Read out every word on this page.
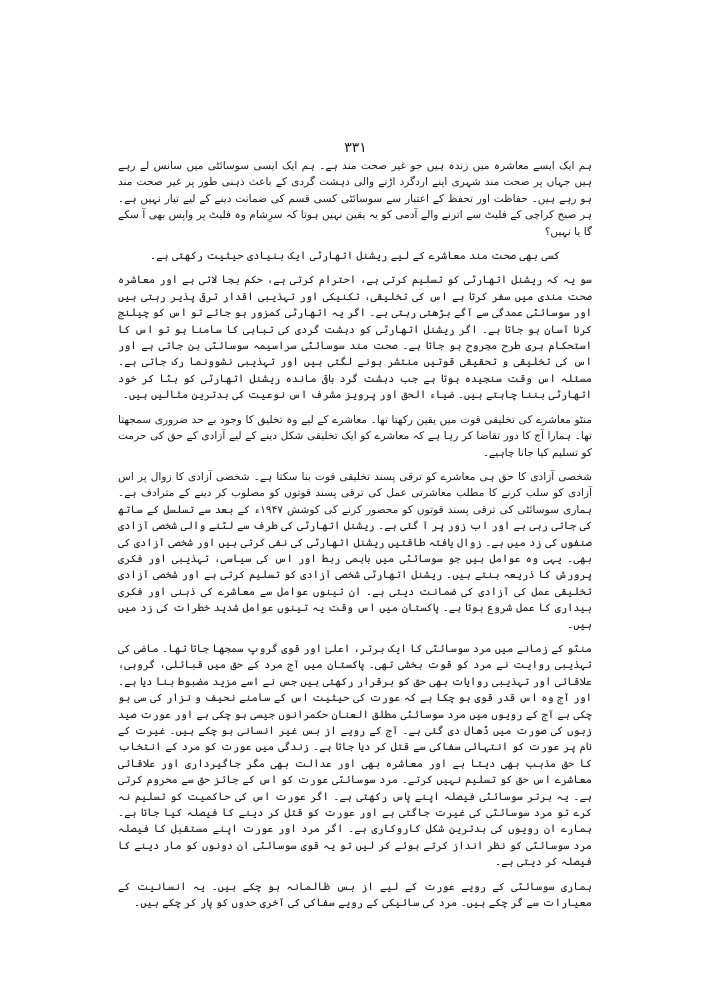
۳۳۱

ہم ایک ایسے معاشرہ میں زندہ ہیں جو غیر صحت مند ہے۔ ہم ایک ایسی سوسائٹی میں سانس لے رہے ہیں جہاں پر صحت مند شہری اپنے اردگرد اڑنے والی دہشت گردی کے باعث ذہنی طور پر غیر صحت مند ہو رہے ہیں۔ حفاظت اور تحفظ کے اعتبار سے سوسائٹی کسی قسم کی ضمانت دینے کے لیے تیار نہیں ہے۔ ہر صبح کراچی کے فلیٹ سے اترنے والے آدمی کو یہ یقین نہیں ہوتا کہ سرِشام وہ فلیٹ پر واپس بھی آ سکے گا یا نہیں؟

کسی بھی صحت مند معاشرے کے لیے ریشنل اتھارٹی ایک بنیادی حیثیت رکھتی ہے۔

سو یہ کہ ریشنل اتھارٹی کو تسلیم کرتی ہے، احترام کرتی ہے، حکم بجا لاتی ہے اور معاشرہ صحت مندی میں سفر کرتا ہے اس کی تخلیقی، تکنیکی اور تہذیبی اقدار ترقی پذیر رہتی ہیں اور سوسائٹی عمدگی سے آگے بڑھتی رہتی ہے۔ اگر یہ اتھارٹی کمزور ہو جائے تو اس کو چیلنج کرنا آسان ہو جاتا ہے۔ اگر ریشنل اتھارٹی کو دہشت گردی کی تباہی کا سامنا ہو تو اس کا استحکام بری طرح مجروح ہو جاتا ہے۔ صحت مند سوسائٹی سراسیمہ سوسائٹی بن جاتی ہے اور اس کی تخلیقی و تحقیقی قوتیں منتشر ہونے لگتی ہیں اور تہذیبی نشوونما رک جاتی ہے۔ مسئلہ اس وقت سنجیدہ ہوتا ہے جب دہشت گرد باقی ماندہ ریشنل اتھارٹی کو ہٹا کر خود اتھارٹی بننا چاہتے ہیں۔ ضیاء الحق اور پرویز مشرف اس نوعیت کی بدترین مثالیں ہیں۔

منٹو معاشرے کی تخلیقی قوت میں یقین رکھتا تھا۔ معاشرے کے لیے وہ تخلیق کا وجود بے حد ضروری سمجھتا تھا۔ ہمارا آج کا دور تقاضا کر رہا ہے کہ معاشرے کو ایک تخلیقی شکل دینے کے لیے آزادی کے حق کی حرمت کو تسلیم کیا جانا چاہیے۔

شخصی آزادی کا حق ہی معاشرے کو ترقی پسند تخلیقی قوت بنا سکتا ہے۔ شخصی آزادی کا زوال پر اس آزادی کو سلب کرنے کا مطلب معاشرتی عمل کی ترقی پسند قوتوں کو مصلوب کر دینے کے مترادف ہے۔ ہماری سوسائٹی کی ترقی پسند قوتوں کو محصور کرنے کی کوشش ۱۹۴۷ء کے بعد سے تسلسل کے ساتھ کی جاتی رہی ہے اور اب زور پر آ گئی ہے۔ ریشنل اتھارٹی کی طرف سے لٹنے والی شخصی آزادی صنفوں کی زد میں ہے۔ زوال یافتہ طاقتیں ریشنل اتھارٹی کی نفی کرتی ہیں اور شخصی آزادی کی بھی۔ یہی وہ عوامل ہیں جو سوسائٹی میں باہمی ربط اور اس کی سیاسی، تہذیبی اور فکری پرورش کا ذریعہ بنتے ہیں۔ ریشنل اتھارٹی شخصی آزادی کو تسلیم کرتی ہے اور شخصی آزادی تخلیقی عمل کی آزادی کی ضمانت دیتی ہے۔ ان تینوں عوامل سے معاشرے کی ذہنی اور فکری بیداری کا عمل شروع ہوتا ہے۔ پاکستان میں اس وقت یہ تینوں عوامل شدید خطرات کی زد میں ہیں۔

منٹو کے زمانے میں مرد سوسائٹی کا ایک برتر، اعلیٰ اور قوی گروپ سمجھا جاتا تھا۔ ماضی کی تہذیبی روایت نے مرد کو قوت بخشی تھی۔ پاکستان میں آج مرد کے حق میں قبائلی، گروہی، علاقائی اور تہذیبی روایات بھی حق کو برقرار رکھتی ہیں جس نے اسے مزید مضبوط بنا دیا ہے۔ اور آج وہ اس قدر قوی ہو چکا ہے کہ عورت کی حیثیت اس کے سامنے نحیف و نزار کی سی ہو چکی ہے آج کے رویوں میں مرد سوسائٹی مطلق العنان حکمرانوں جیسی ہو چکی ہے اور عورت صید زبوں کی صورت میں ڈھال دی گئی ہے۔ آج کے رویے از بس غیر انسانی ہو چکے ہیں۔ غیرت کے نام پر عورت کو انتہائی سفاکی سے قتل کر دیا جاتا ہے۔ زندگی میں عورت کو مرد کے انتخاب کا حق مذہب بھی دیتا ہے اور معاشرہ بھی اور عدالت بھی مگر جاگیرداری اور علاقائی معاشرے اس حق کو تسلیم نہیں کرتے۔ مرد سوسائٹی عورت کو اس کے جائز حق سے محروم کرتی ہے۔ یہ برتر سوسائٹی فیصلہ اپنے پاس رکھتی ہے۔ اگر عورت اس کی حاکمیت کو تسلیم نہ کرے تو مرد سوسائٹی کی غیرت جاگتی ہے اور عورت کو قتل کر دینے کا فیصلہ کیا جاتا ہے۔ ہمارے ان رویوں کی بدترین شکل کاروکاری ہے۔ اگر مرد اور عورت اپنے مستقبل کا فیصلہ مرد سوسائٹی کو نظر انداز کرتے ہوئے کر لیں تو یہ قوی سوسائٹی ان دونوں کو مار دینے کا فیصلہ کر دیتی ہے۔

ہماری سوسائٹی کے رویے عورت کے لیے از بس ظالمانہ ہو چکے ہیں۔ یہ انسانیت کے معیارات سے گر چکے ہیں۔ مرد کی سائیکی کے رویے سفاکی کی آخری حدوں کو پار کر چکے ہیں۔
